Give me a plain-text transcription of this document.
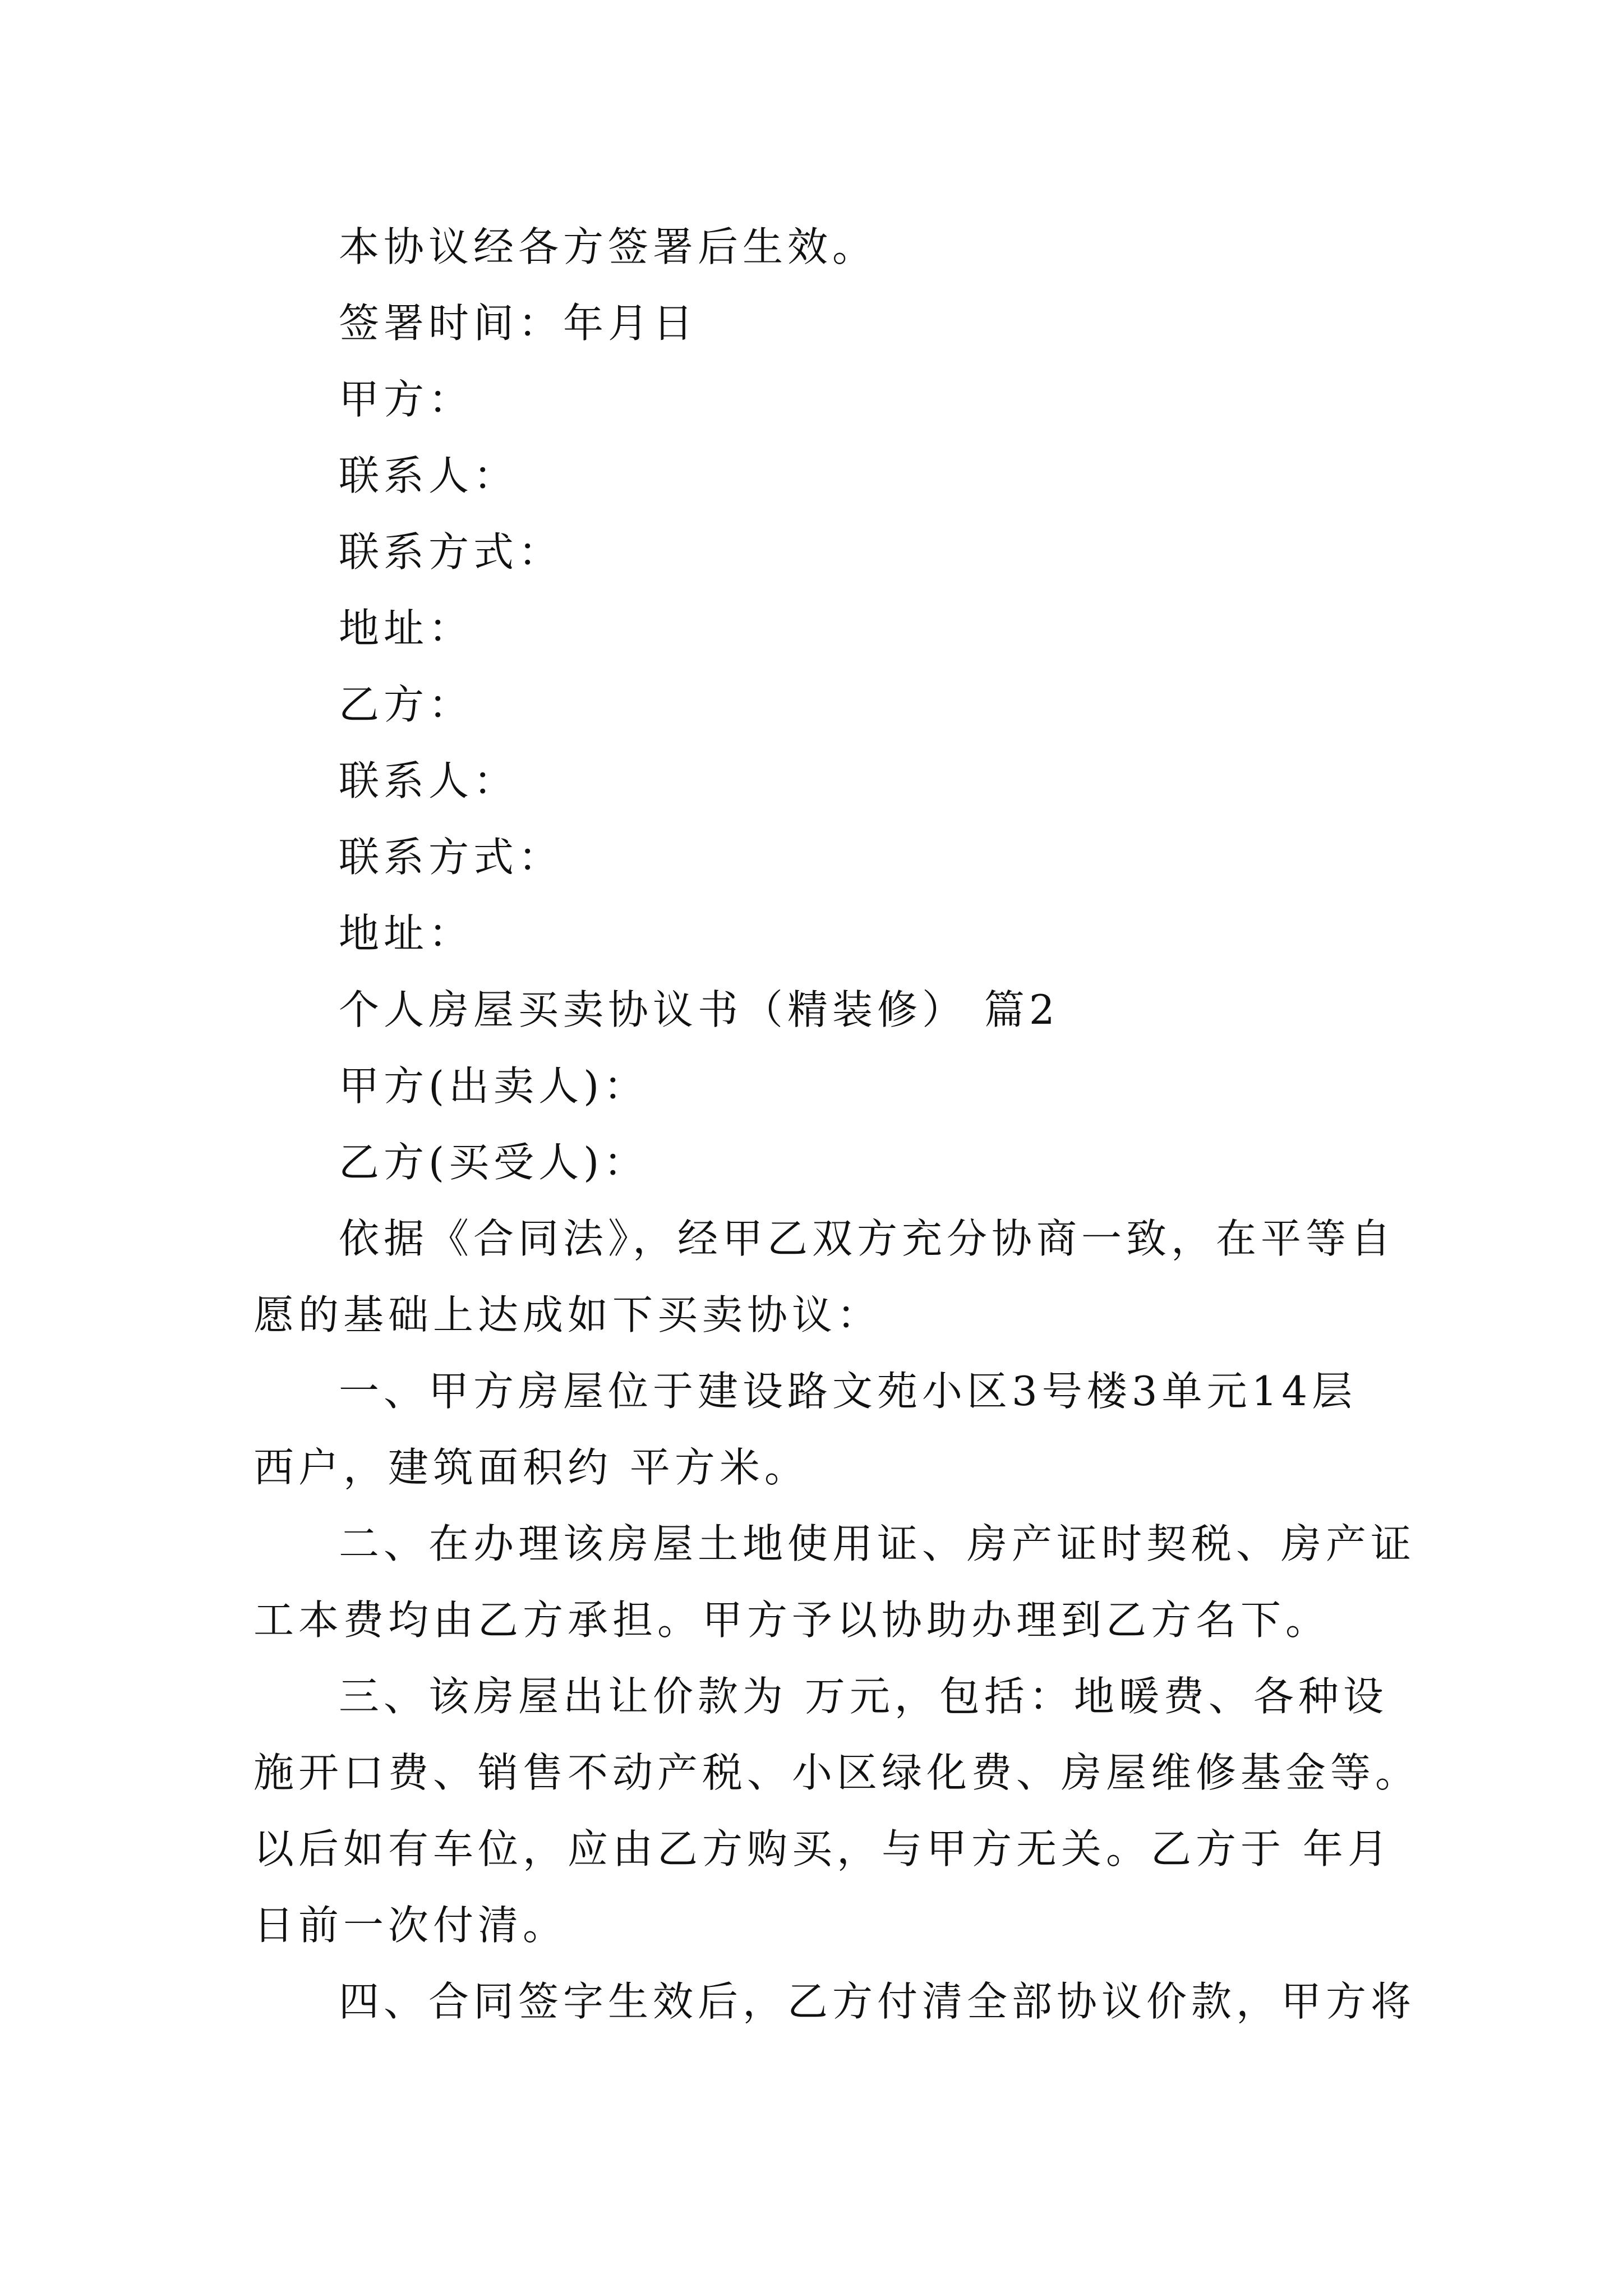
本协议经各方签署后生效。
签署时间：年月日
甲方：
联系人：
联系方式：
地址：
乙方：
联系人：
联系方式：
地址：
个人房屋买卖协议书（精装修） 篇2
甲方(出卖人)：
乙方(买受人)：
依据《合同法》，经甲乙双方充分协商一致，在平等自
愿的基础上达成如下买卖协议：
一、甲方房屋位于建设路文苑小区3号楼3单元14层
西户，建筑面积约 平方米。
二、在办理该房屋土地使用证、房产证时契税、房产证
工本费均由乙方承担。甲方予以协助办理到乙方名下。
三、该房屋出让价款为 万元，包括：地暖费、各种设
施开口费、销售不动产税、小区绿化费、房屋维修基金等。
以后如有车位，应由乙方购买，与甲方无关。乙方于 年月
日前一次付清。
四、合同签字生效后，乙方付清全部协议价款，甲方将
